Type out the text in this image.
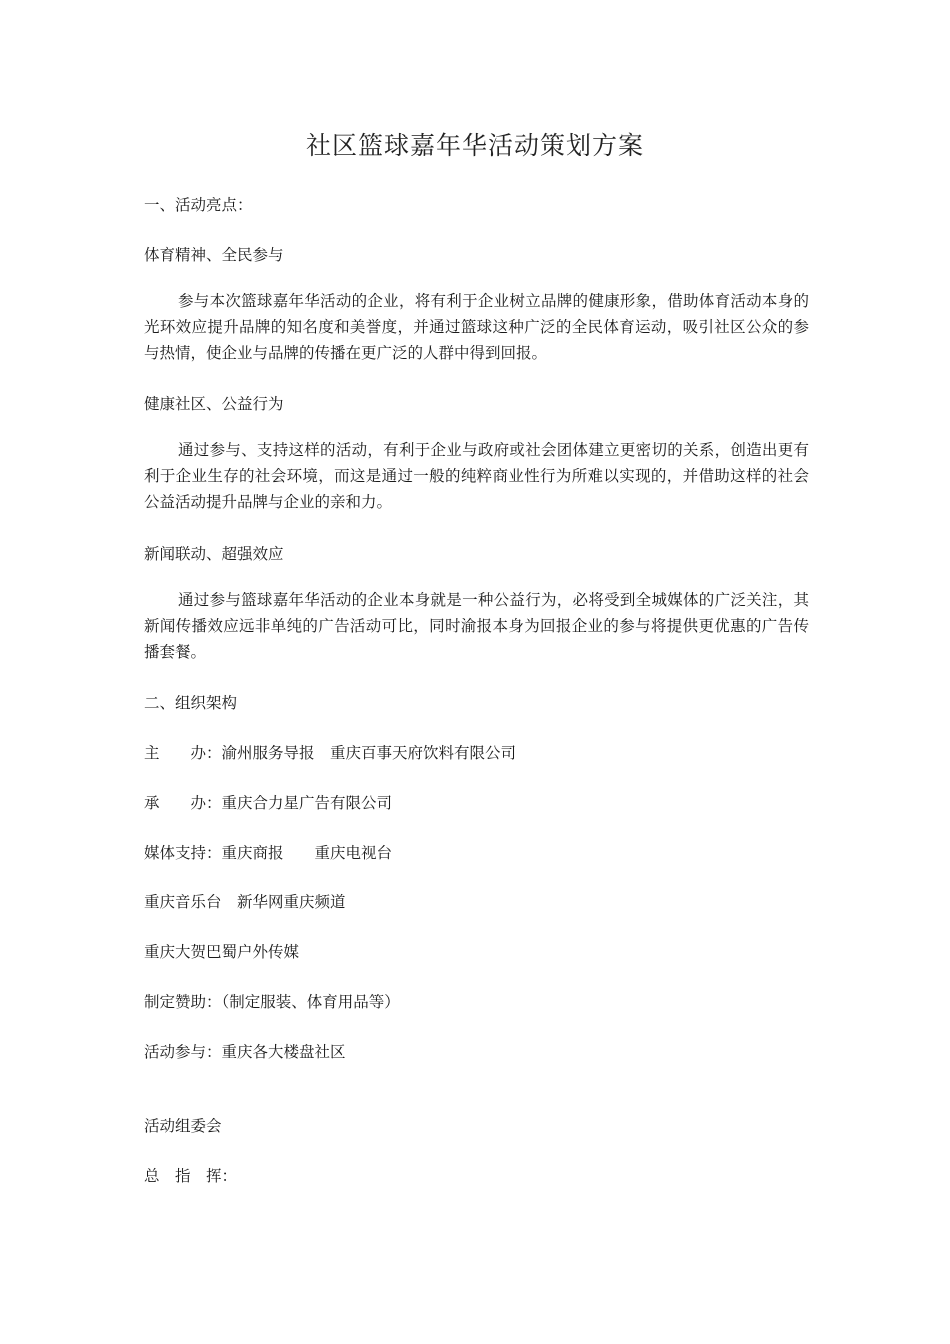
社区篮球嘉年华活动策划方案
一、活动亮点：
体育精神、全民参与

参与本次篮球嘉年华活动的企业，将有利于企业树立品牌的健康形象，借助体育活动本身的光环效应提升品牌的知名度和美誉度，并通过篮球这种广泛的全民体育运动，吸引社区公众的参与热情，使企业与品牌的传播在更广泛的人群中得到回报。

健康社区、公益行为

通过参与、支持这样的活动，有利于企业与政府或社会团体建立更密切的关系，创造出更有利于企业生存的社会环境，而这是通过一般的纯粹商业性行为所难以实现的，并借助这样的社会公益活动提升品牌与企业的亲和力。

新闻联动、超强效应

通过参与篮球嘉年华活动的企业本身就是一种公益行为，必将受到全城媒体的广泛关注，其新闻传播效应远非单纯的广告活动可比，同时渝报本身为回报企业的参与将提供更优惠的广告传播套餐。

二、组织架构
主　　办：渝州服务导报　重庆百事天府饮料有限公司
承　　办：重庆合力星广告有限公司
媒体支持：重庆商报　　重庆电视台
重庆音乐台　新华网重庆频道
重庆大贺巴蜀户外传媒
制定赞助：（制定服装、体育用品等）
活动参与：重庆各大楼盘社区
活动组委会
总　指　挥：
